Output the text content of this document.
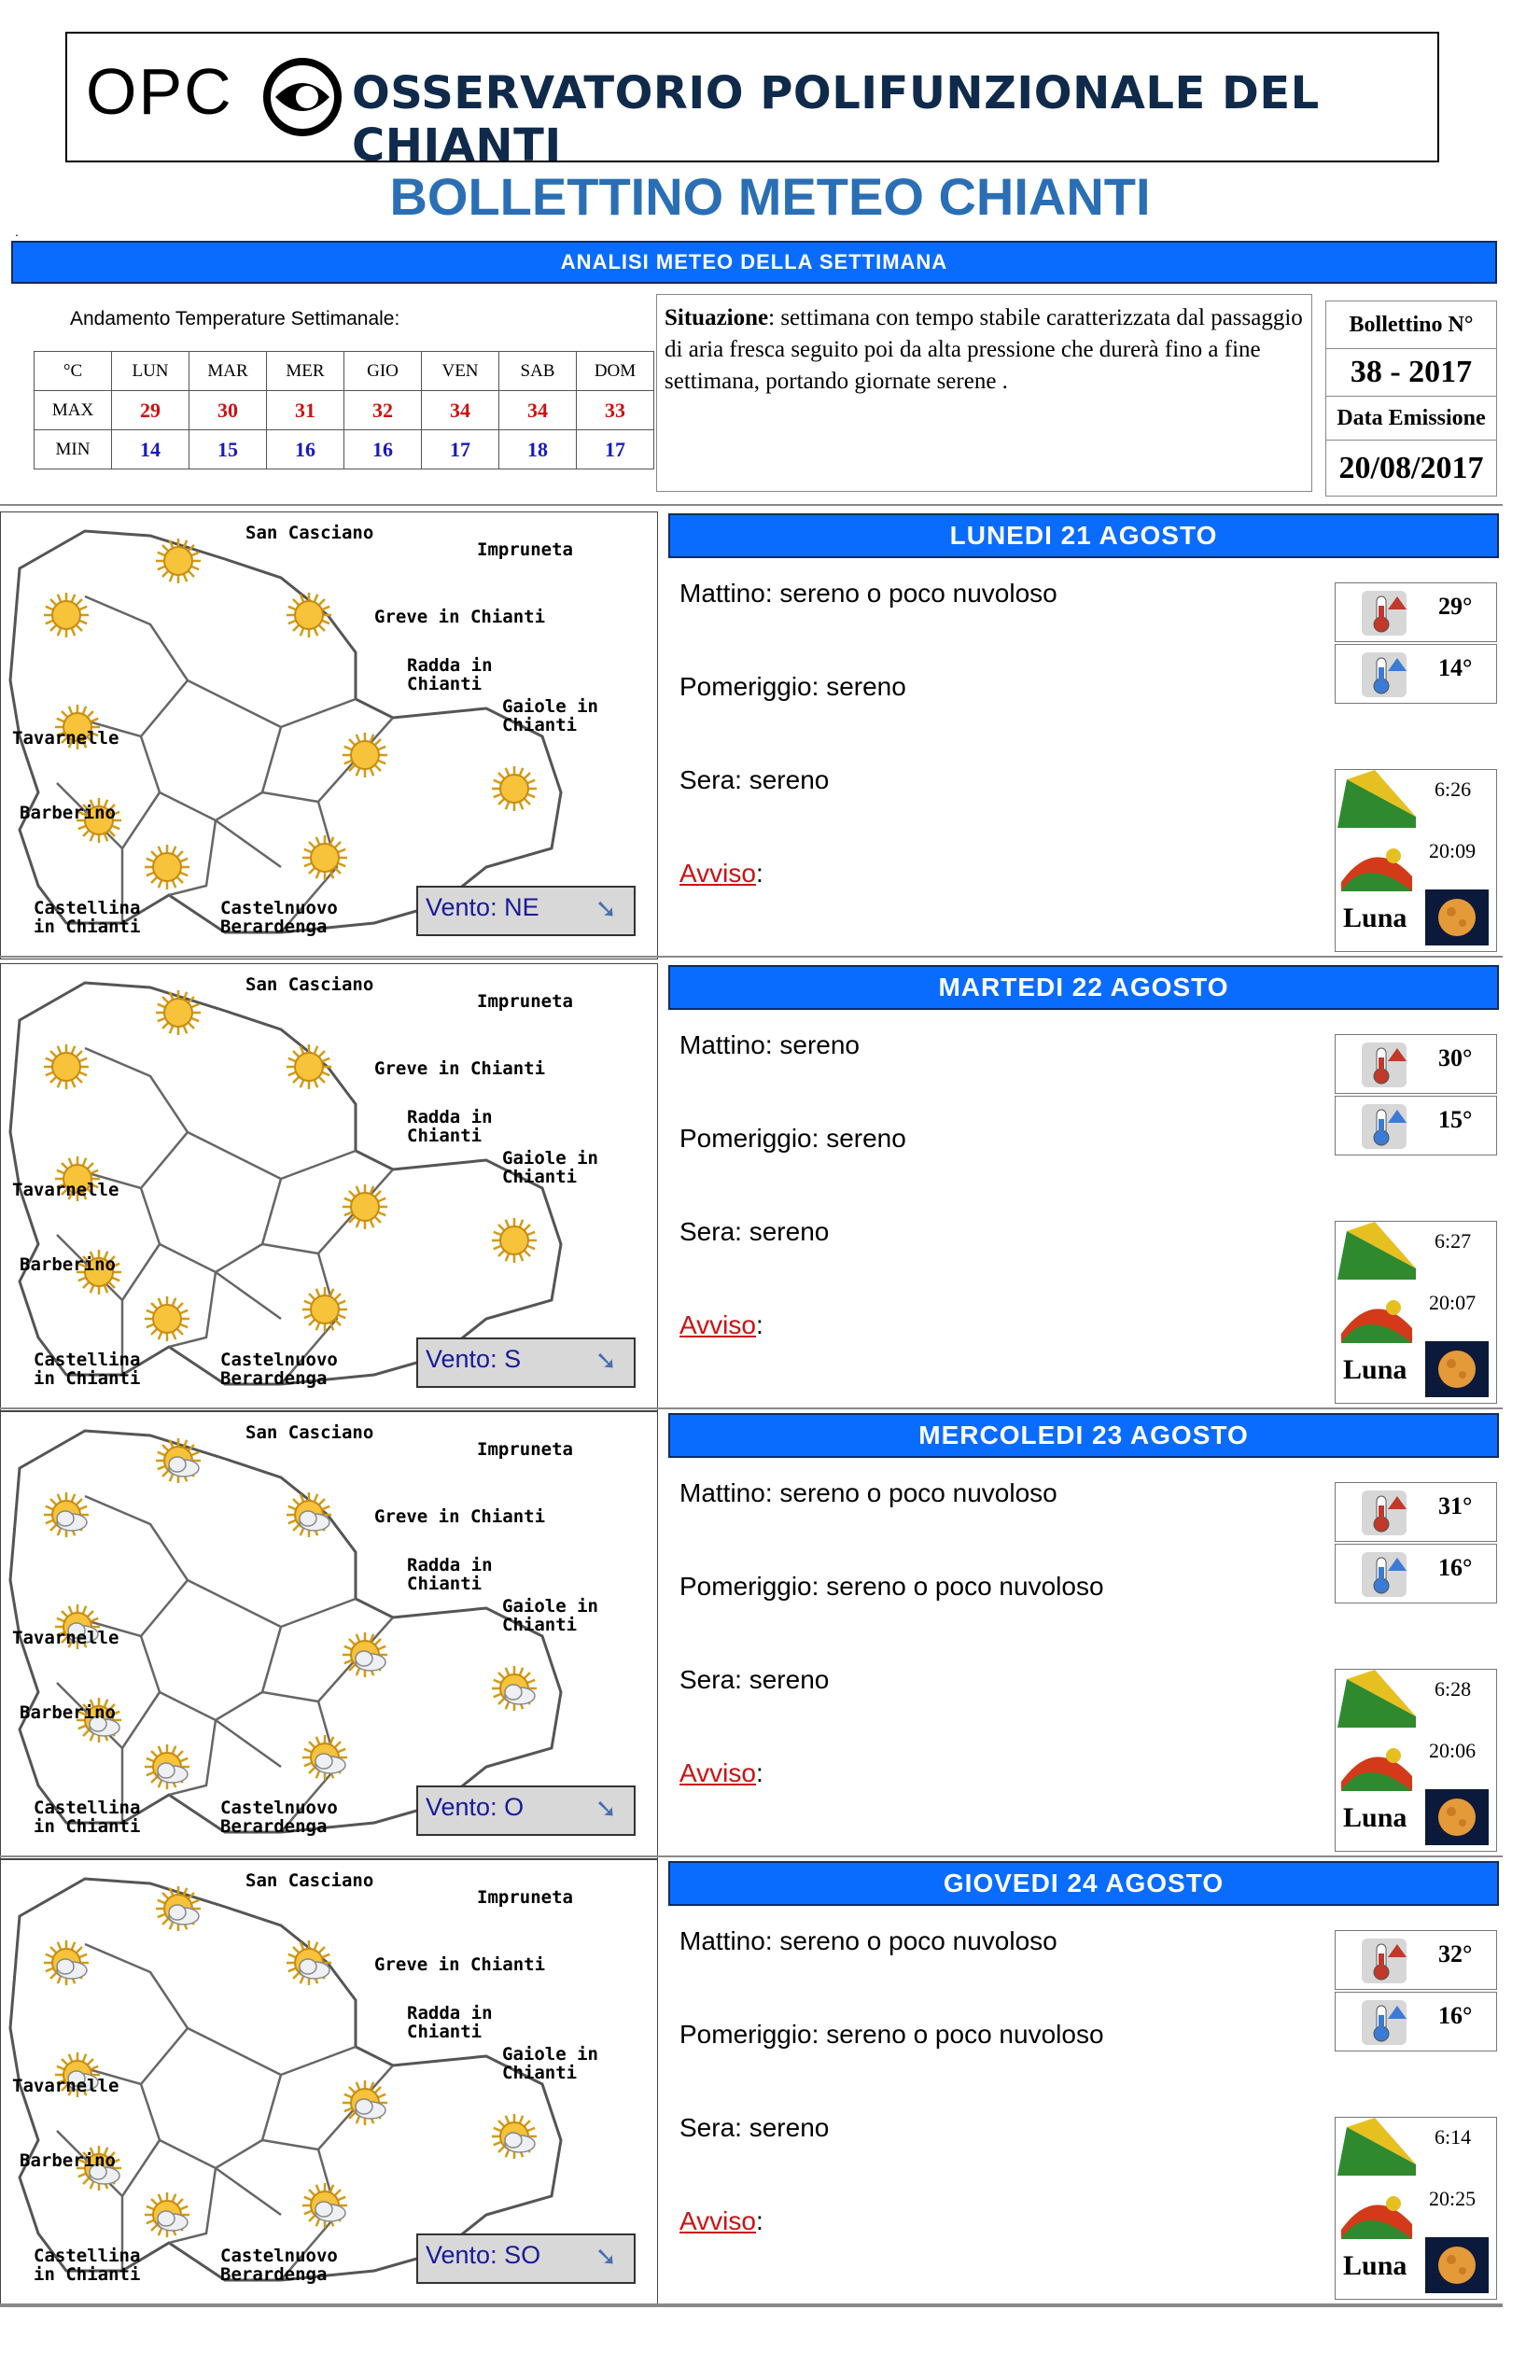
OPC	OSSERVATORIO POLIFUNZIONALE DEL CHIANTI
BOLLETTINO METEO CHIANTI
.
ANALISI METEO DELLA SETTIMANA
Andamento Temperature Settimanale:
°C	LUN	MAR	MER	GIO	VEN	SAB	DOM
MAX	29	30	31	32	34	34	33
MIN	14	15	16	16	17	18	17
Situazione: settimana con tempo stabile caratterizzata dal passaggio di aria fresca seguito poi da alta pressione che durerà fino a fine settimana, portando giornate serene .
Bollettino N°
38 - 2017
Data Emissione
20/08/2017
San Casciano
Impruneta
Greve in Chianti
Radda in
Chianti
Gaiole in
Chianti
Tavarnelle
Barberino
Castellina
in Chianti
Castelnuovo
Berardenga
Vento: NE ➘
LUNEDI 21 AGOSTO
Mattino: sereno o poco nuvoloso
Pomeriggio: sereno
Sera: sereno
Avviso:
29°
14°
6:26
20:09
Luna
San Casciano
Impruneta
Greve in Chianti
Radda in
Chianti
Gaiole in
Chianti
Tavarnelle
Barberino
Castellina
in Chianti
Castelnuovo
Berardenga
Vento: S	➘
MARTEDI 22 AGOSTO
Mattino: sereno
Pomeriggio: sereno
Sera: sereno
Avviso:
30°
15°
6:27
20:07
Luna
San Casciano
Impruneta
Greve in Chianti
Radda in
Chianti
Gaiole in
Chianti
Tavarnelle
Barberino
Castellina
in Chianti
Castelnuovo
Berardenga
Vento: O	➘
MERCOLEDI 23 AGOSTO
Mattino: sereno o poco nuvoloso
Pomeriggio: sereno o poco nuvoloso
Sera: sereno
Avviso:
31°
16°
6:28
20:06
Luna
San Casciano
Impruneta
Greve in Chianti
Radda in
Chianti
Gaiole in
Chianti
Tavarnelle
Barberino
Castellina
in Chianti
Castelnuovo
Berardenga
Vento: SO ➘
GIOVEDI 24 AGOSTO
Mattino: sereno o poco nuvoloso
Pomeriggio: sereno o poco nuvoloso
Sera: sereno
Avviso:
32°
16°
6:14
20:25
Luna
